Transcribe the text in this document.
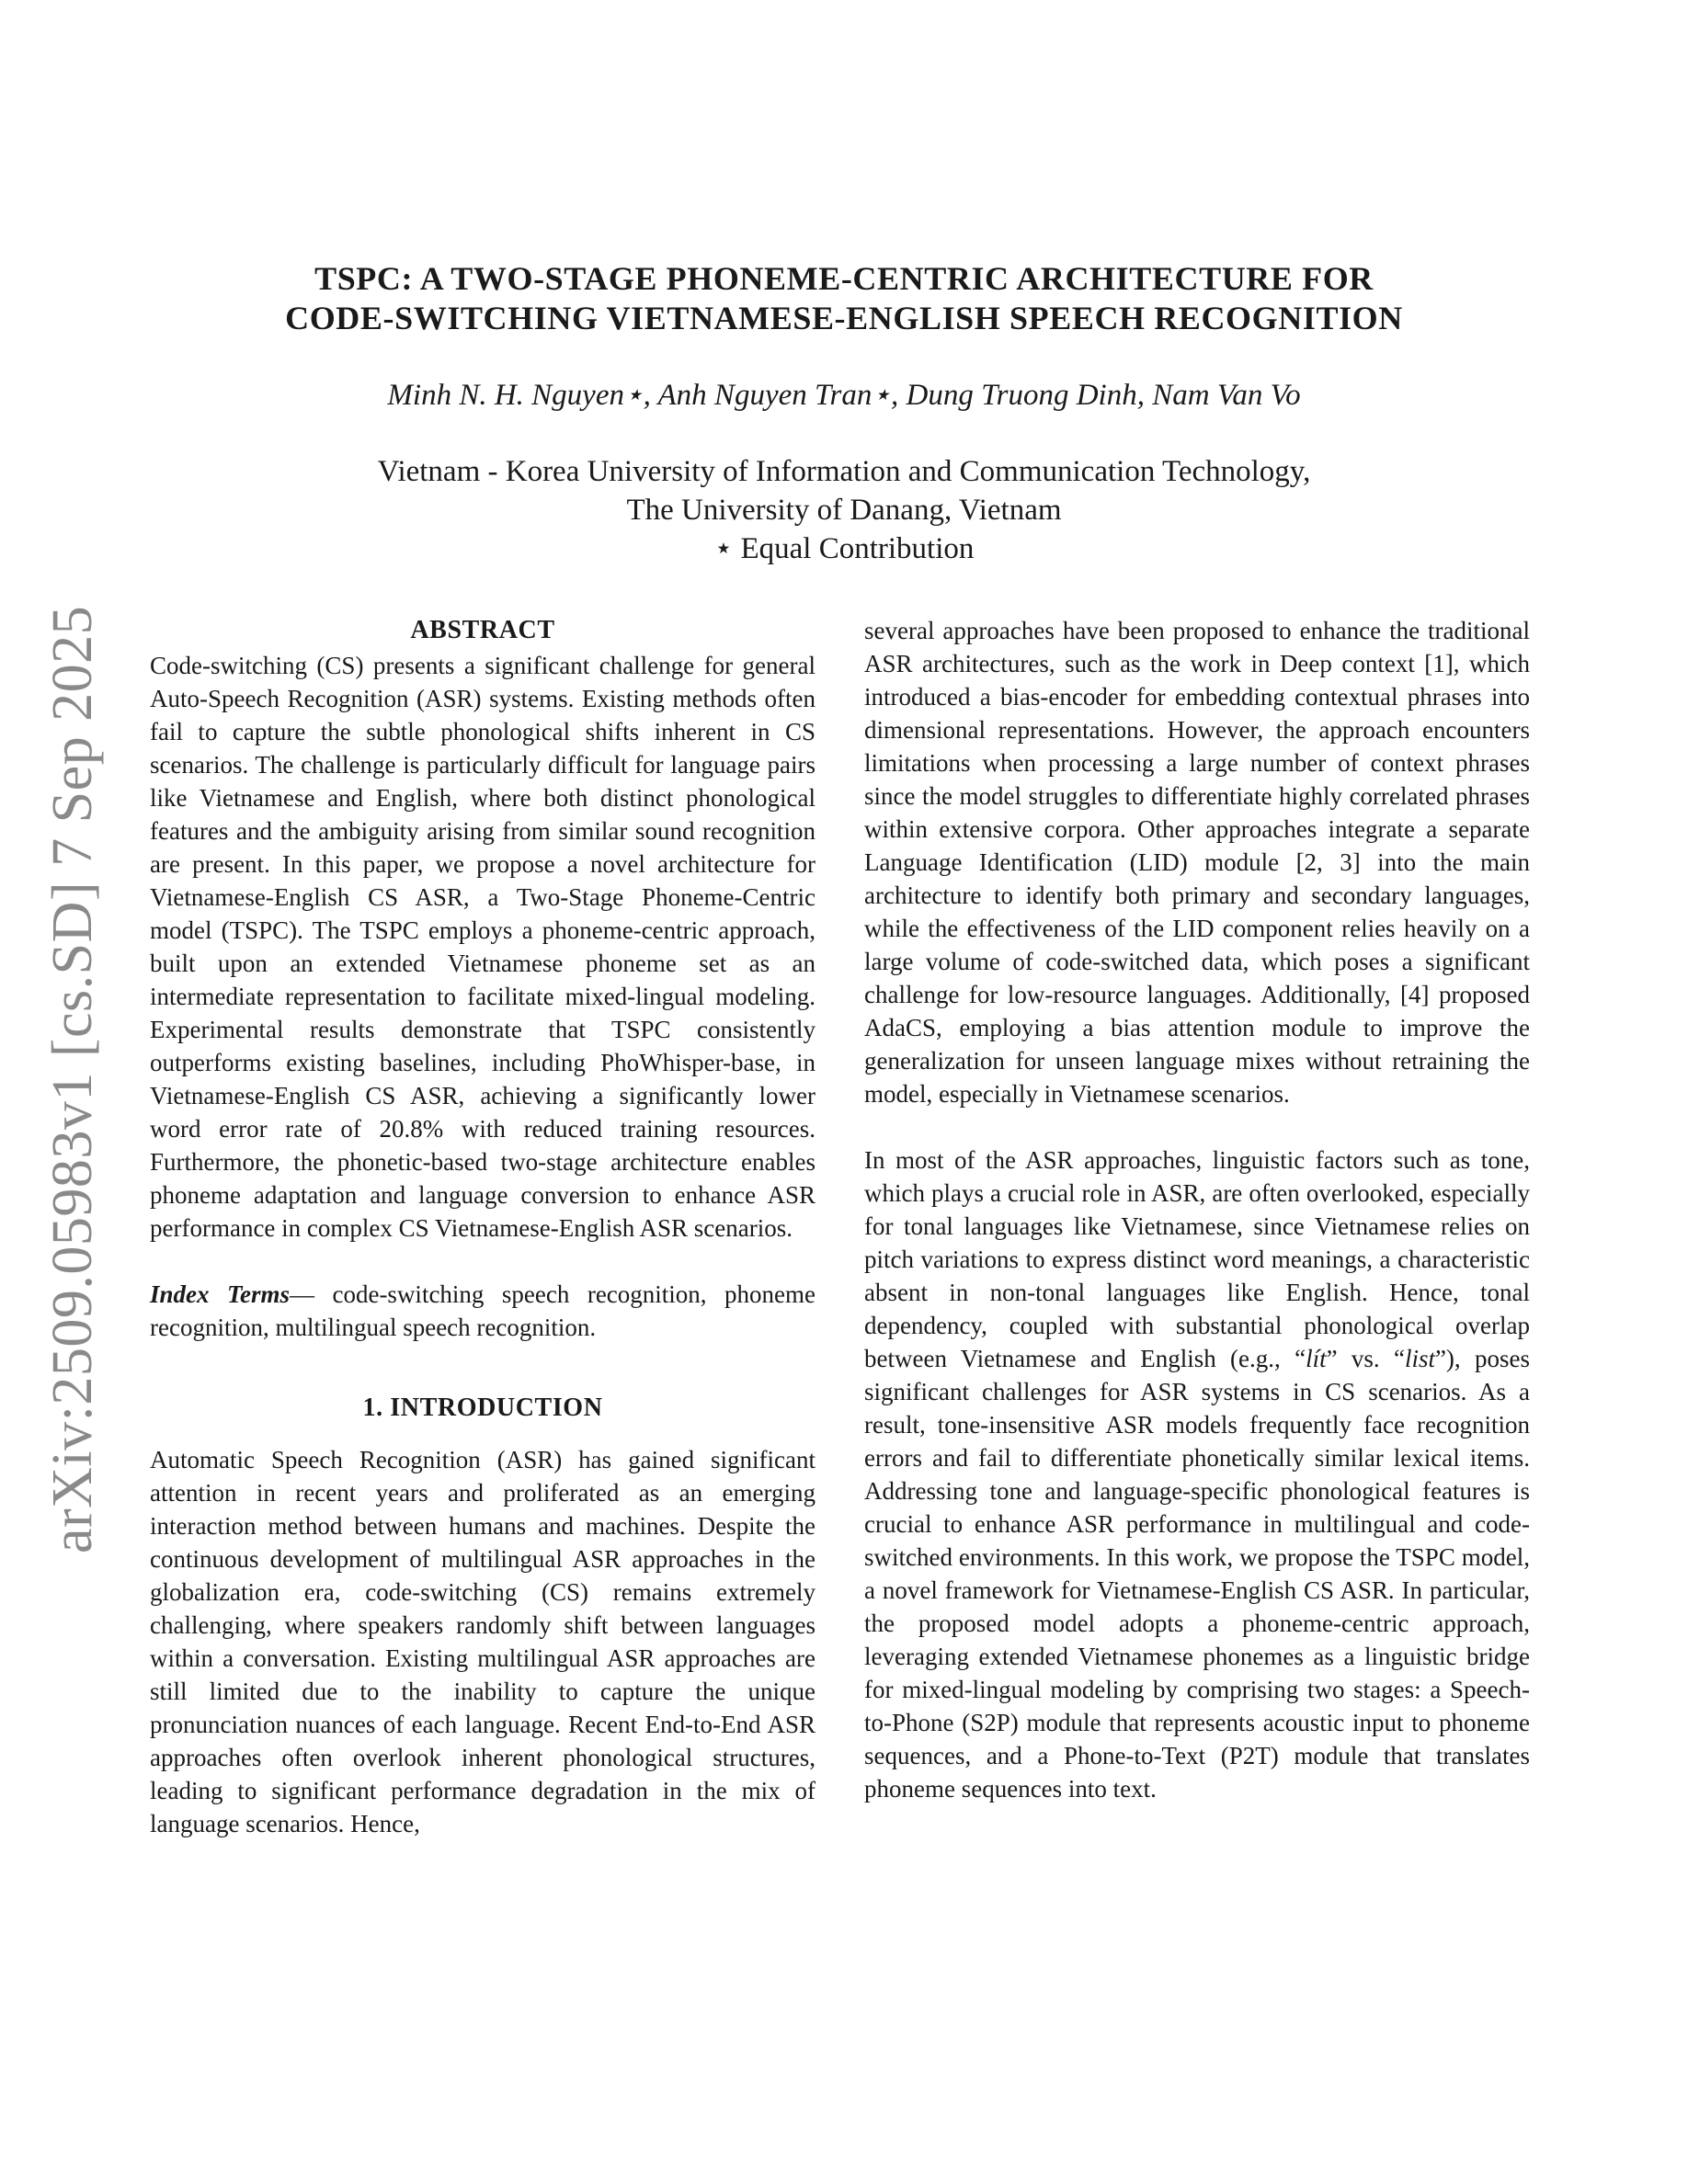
arXiv:2509.05983v1 [cs.SD] 7 Sep 2025
TSPC: A TWO-STAGE PHONEME-CENTRIC ARCHITECTURE FOR
CODE-SWITCHING VIETNAMESE-ENGLISH SPEECH RECOGNITION
Minh N. H. Nguyen⋆, Anh Nguyen Tran⋆, Dung Truong Dinh, Nam Van Vo
Vietnam - Korea University of Information and Communication Technology,
The University of Danang, Vietnam
⋆ Equal Contribution
ABSTRACT

Code-switching (CS) presents a significant challenge for general Auto-Speech Recognition (ASR) systems. Existing methods often fail to capture the subtle phonological shifts inherent in CS scenarios. The challenge is particularly difficult for language pairs like Vietnamese and English, where both distinct phonological features and the ambiguity arising from similar sound recognition are present. In this paper, we propose a novel architecture for Vietnamese-English CS ASR, a Two-Stage Phoneme-Centric model (TSPC). The TSPC employs a phoneme-centric approach, built upon an extended Vietnamese phoneme set as an intermediate representation to facilitate mixed-lingual modeling. Experimental results demonstrate that TSPC consistently outperforms existing baselines, including PhoWhisper-base, in Vietnamese-English CS ASR, achieving a significantly lower word error rate of 20.8% with reduced training resources. Furthermore, the phonetic-based two-stage architecture enables phoneme adaptation and language conversion to enhance ASR performance in complex CS Vietnamese-English ASR scenarios.

Index Terms— code-switching speech recognition, phoneme recognition, multilingual speech recognition.

1. INTRODUCTION

Automatic Speech Recognition (ASR) has gained significant attention in recent years and proliferated as an emerging interaction method between humans and machines. Despite the continuous development of multilingual ASR approaches in the globalization era, code-switching (CS) remains extremely challenging, where speakers randomly shift between languages within a conversation. Existing multilingual ASR approaches are still limited due to the inability to capture the unique pronunciation nuances of each language. Recent End-to-End ASR approaches often overlook inherent phonological structures, leading to significant performance degradation in the mix of language scenarios. Hence,

several approaches have been proposed to enhance the traditional ASR architectures, such as the work in Deep context [1], which introduced a bias-encoder for embedding contextual phrases into dimensional representations. However, the approach encounters limitations when processing a large number of context phrases since the model struggles to differentiate highly correlated phrases within extensive corpora. Other approaches integrate a separate Language Identification (LID) module [2, 3] into the main architecture to identify both primary and secondary languages, while the effectiveness of the LID component relies heavily on a large volume of code-switched data, which poses a significant challenge for low-resource languages. Additionally, [4] proposed AdaCS, employing a bias attention module to improve the generalization for unseen language mixes without retraining the model, especially in Vietnamese scenarios.

In most of the ASR approaches, linguistic factors such as tone, which plays a crucial role in ASR, are often overlooked, especially for tonal languages like Vietnamese, since Vietnamese relies on pitch variations to express distinct word meanings, a characteristic absent in non-tonal languages like English. Hence, tonal dependency, coupled with substantial phonological overlap between Vietnamese and English (e.g., “lít” vs. “list”), poses significant challenges for ASR systems in CS scenarios. As a result, tone-insensitive ASR models frequently face recognition errors and fail to differentiate phonetically similar lexical items. Addressing tone and language-specific phonological features is crucial to enhance ASR performance in multilingual and code-switched environments. In this work, we propose the TSPC model, a novel framework for Vietnamese-English CS ASR. In particular, the proposed model adopts a phoneme-centric approach, leveraging extended Vietnamese phonemes as a linguistic bridge for mixed-lingual modeling by comprising two stages: a Speech-to-Phone (S2P) module that represents acoustic input to phoneme sequences, and a Phone-to-Text (P2T) module that translates phoneme sequences into text.
